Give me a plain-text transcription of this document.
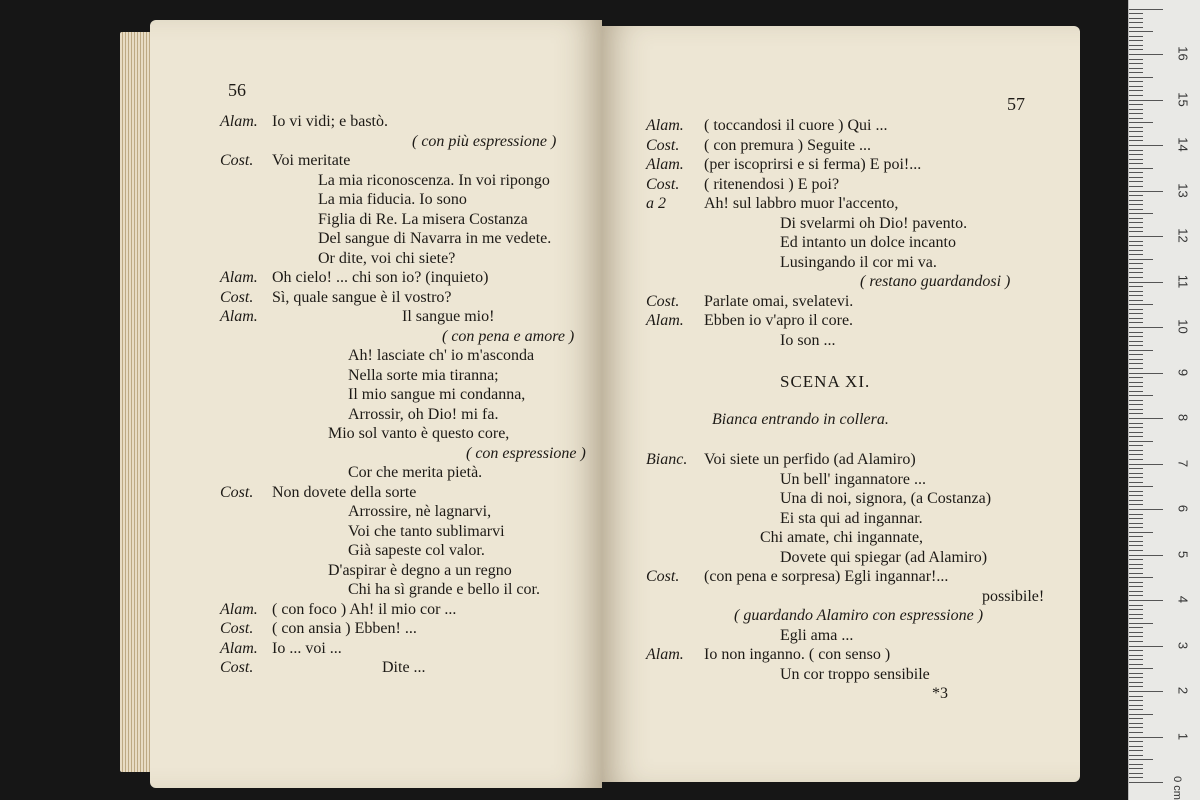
56
Alam. Io vi vidi; e bastò.
( con più espressione )
Cost. Voi meritate
La mia riconoscenza. In voi ripongo
La mia fiducia. Io sono
Figlia di Re. La misera Costanza
Del sangue di Navarra in me vedete.
Or dite, voi chi siete?
Alam. Oh cielo! ... chi son io? (inquieto)
Cost. Sì, quale sangue è il vostro?
Alam.	Il sangue mio!
( con pena e amore )
Ah! lasciate ch' io m'asconda
Nella sorte mia tiranna;
Il mio sangue mi condanna,
Arrossir, oh Dio! mi fa.
Mio sol vanto è questo core,
( con espressione )
Cor che merita pietà.
Cost. Non dovete della sorte
Arrossire, nè lagnarvi,
Voi che tanto sublimarvi
Già sapeste col valor.
D'aspirar è degno a un regno
Chi ha sì grande e bello il cor.
Alam. ( con foco ) Ah! il mio cor ...
Cost. ( con ansia ) Ebben! ...
Alam. Io ... voi ...
Cost.	Dite ...
57
Alam. ( toccandosi il cuore ) Qui ...
Cost. ( con premura ) Seguite ...
Alam. (per iscoprirsi e si ferma) E poi!...
Cost. ( ritenendosi ) E poi?
a 2 Ah! sul labbro muor l'accento,
Di svelarmi oh Dio! pavento.
Ed intanto un dolce incanto
Lusingando il cor mi va.
( restano guardandosi )
Cost. Parlate omai, svelatevi.
Alam. Ebben io v'apro il core.
Io son ...
SCENA XI.
Bianca entrando in collera.
Bianc. Voi siete un perfido (ad Alamiro)
Un bell' ingannatore ...
Una di noi, signora, (a Costanza)
Ei sta qui ad ingannar.
Chi amate, chi ingannate,
Dovete qui spiegar (ad Alamiro)
Cost. (con pena e sorpresa) Egli ingannar!...
possibile!
( guardando Alamiro con espressione )
Egli ama ...
Alam. Io non inganno. ( con senso )
Un cor troppo sensibile
*3
0 cm
1
2
3
4
5
6
7
8
9
10
11
12
13
14
15
16
